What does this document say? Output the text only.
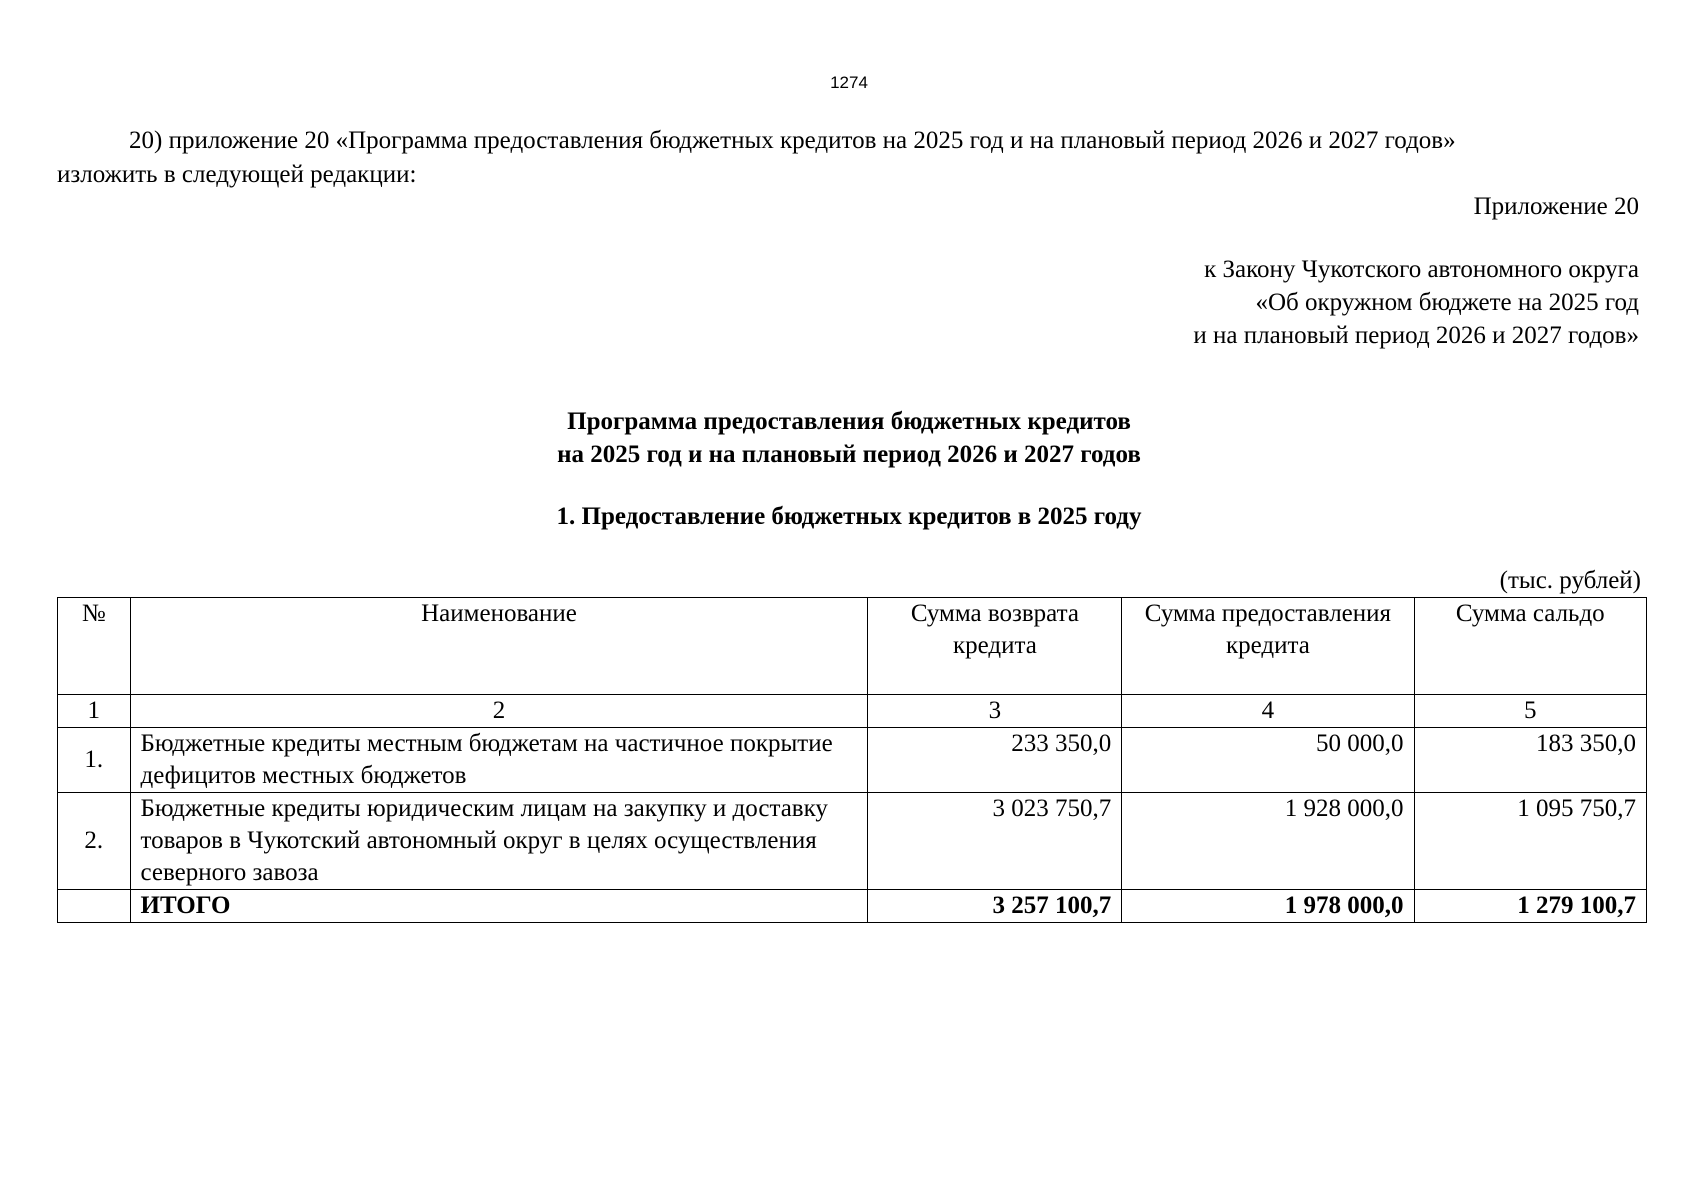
1274
20) приложение 20 «Программа предоставления бюджетных кредитов на 2025 год и на плановый период 2026 и 2027 годов»
изложить в следующей редакции:
Приложение 20
к Закону Чукотского автономного округа
«Об окружном бюджете на 2025 год
и на плановый период 2026 и 2027 годов»
Программа предоставления бюджетных кредитов
на 2025 год и на плановый период 2026 и 2027 годов
1. Предоставление бюджетных кредитов в 2025 году
(тыс. рублей)
№	Наименование	Сумма возврата кредита	Сумма предоставления кредита	Сумма сальдо
1	2	3	4	5
1.	Бюджетные кредиты местным бюджетам на частичное покрытие дефицитов местных бюджетов	233 350,0	50 000,0	183 350,0
2.	Бюджетные кредиты юридическим лицам на закупку и доставку товаров в Чукотский автономный округ в целях осуществления северного завоза	3 023 750,7	1 928 000,0	1 095 750,7
	ИТОГО	3 257 100,7	1 978 000,0	1 279 100,7
